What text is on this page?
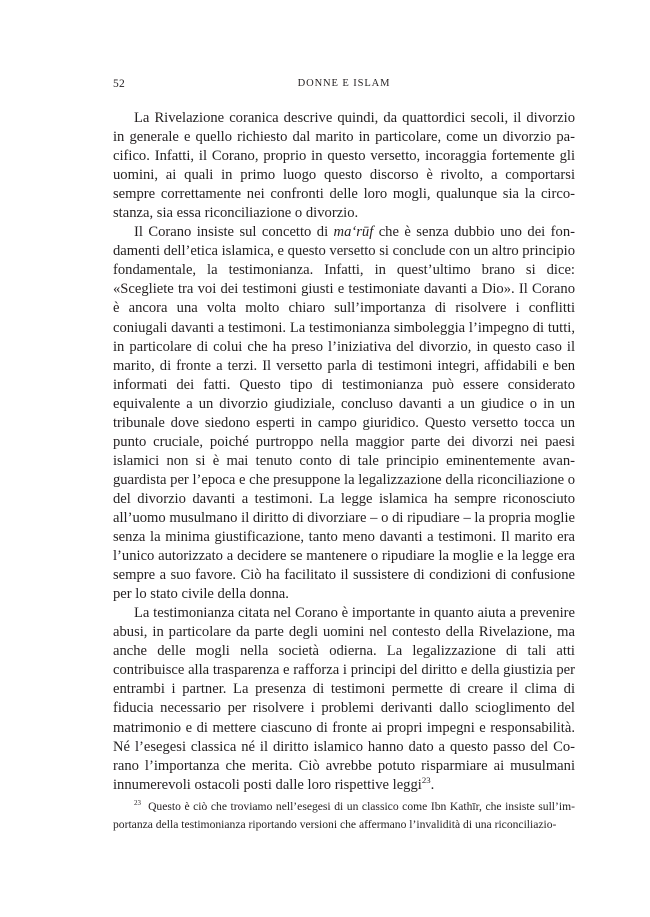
52	DONNE E ISLAM

La Rivelazione coranica descrive quindi, da quattordici secoli, il divorzio in generale e quello richiesto dal marito in particolare, come un divorzio pacifico. Infatti, il Corano, proprio in questo versetto, incoraggia fortemente gli uomini, ai quali in primo luogo questo discorso è rivolto, a comportarsi sempre correttamente nei confronti delle loro mogli, qualunque sia la circostanza, sia essa riconciliazione o divorzio.

Il Corano insiste sul concetto di ma‘rūf che è senza dubbio uno dei fondamenti dell’etica islamica, e questo versetto si conclude con un altro principio fondamentale, la testimonianza. Infatti, in quest’ultimo brano si dice: «Scegliete tra voi dei testimoni giusti e testimoniate davanti a Dio». Il Corano è ancora una volta molto chiaro sull’importanza di risolvere i conflitti coniugali davanti a testimoni. La testimonianza simboleggia l’impegno di tutti, in particolare di colui che ha preso l’iniziativa del divorzio, in questo caso il marito, di fronte a terzi. Il versetto parla di testimoni integri, affidabili e ben informati dei fatti. Questo tipo di testimonianza può essere considerato equivalente a un divorzio giudiziale, concluso davanti a un giudice o in un tribunale dove siedono esperti in campo giuridico. Questo versetto tocca un punto cruciale, poiché purtroppo nella maggior parte dei divorzi nei paesi islamici non si è mai tenuto conto di tale principio eminentemente avanguardista per l’epoca e che presuppone la legalizzazione della riconciliazione o del divorzio davanti a testimoni. La legge islamica ha sempre riconosciuto all’uomo musulmano il diritto di divorziare – o di ripudiare – la propria moglie senza la minima giustificazione, tanto meno davanti a testimoni. Il marito era l’unico autorizzato a decidere se mantenere o ripudiare la moglie e la legge era sempre a suo favore. Ciò ha facilitato il sussistere di condizioni di confusione per lo stato civile della donna.

La testimonianza citata nel Corano è importante in quanto aiuta a prevenire abusi, in particolare da parte degli uomini nel contesto della Rivelazione, ma anche delle mogli nella società odierna. La legalizzazione di tali atti contribuisce alla trasparenza e rafforza i principi del diritto e della giustizia per entrambi i partner. La presenza di testimoni permette di creare il clima di fiducia necessario per risolvere i problemi derivanti dallo scioglimento del matrimonio e di mettere ciascuno di fronte ai propri impegni e responsabilità. Né l’esegesi classica né il diritto islamico hanno dato a questo passo del Corano l’importanza che merita. Ciò avrebbe potuto risparmiare ai musulmani innumerevoli ostacoli posti dalle loro rispettive leggi$^{23}$.

$^{23}$ Questo è ciò che troviamo nell’esegesi di un classico come Ibn Kathīr, che insiste sull’importanza della testimonianza riportando versioni che affermano l’invalidità di una riconciliazio-
